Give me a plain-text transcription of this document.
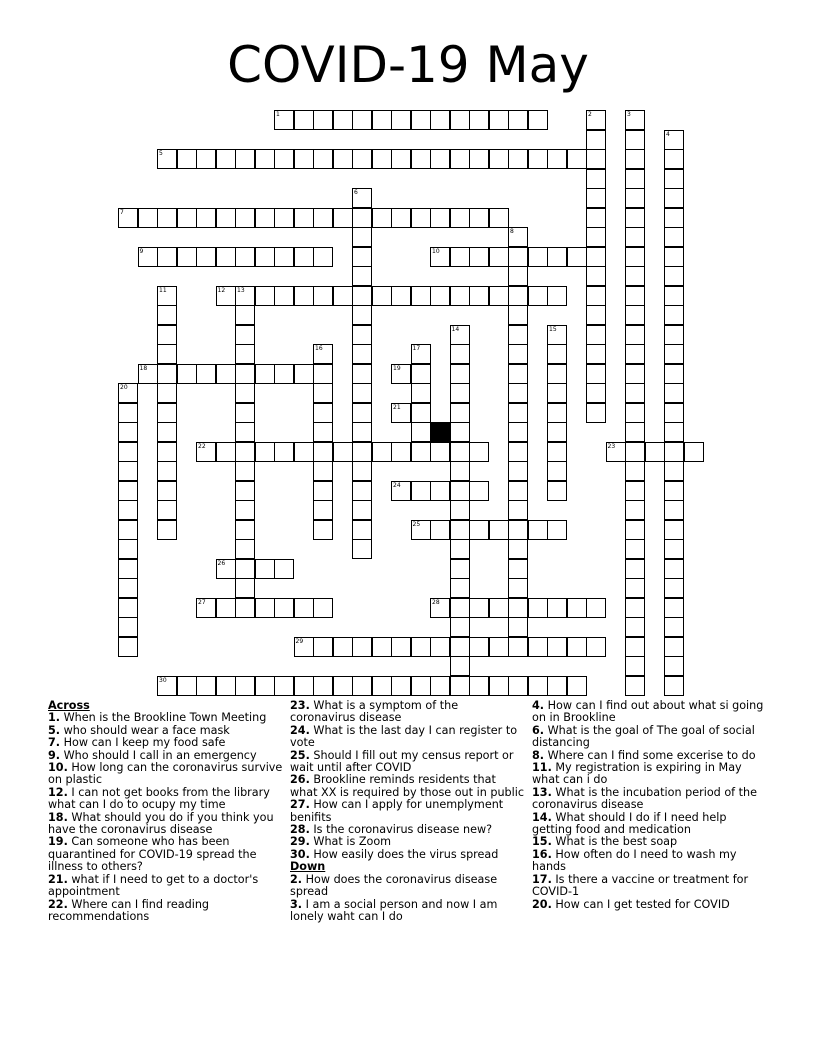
COVID-19 May
1
5
7
9	10
12 13
18	19
21
22	23
24
25
26
27	28
29
30
2	3
4
6
8
11
14	15
16	17
20
Across
1. When is the Brookline Town Meeting
5. who should wear a face mask
7. How can I keep my food safe
9. Who should I call in an emergency
10. How long can the coronavirus survive on plastic
12. I can not get books from the library what can I do to ocupy my time
18. What should you do if you think you have the coronavirus disease
19. Can someone who has been quarantined for COVID-19 spread the illness to others?
21. what if I need to get to a doctor's appointment
22. Where can I find reading recommendations
23. What is a symptom of the coronavirus disease
24. What is the last day I can register to vote
25. Should I fill out my census report or wait until after COVID
26. Brookline reminds residents that what XX is required by those out in public
27. How can I apply for unemplyment benifits
28. Is the coronavirus disease new?
29. What is Zoom
30. How easily does the virus spread
Down
2. How does the coronavirus disease spread
3. I am a social person and now I am lonely waht can I do
4. How can I find out about what si going on in Brookline
6. What is the goal of The goal of social distancing
8. Where can I find some excerise to do
11. My registration is expiring in May what can i do
13. What is the incubation period of the coronavirus disease
14. What should I do if I need help getting food and medication
15. What is the best soap
16. How often do I need to wash my hands
17. Is there a vaccine or treatment for COVID-1
20. How can I get tested for COVID
